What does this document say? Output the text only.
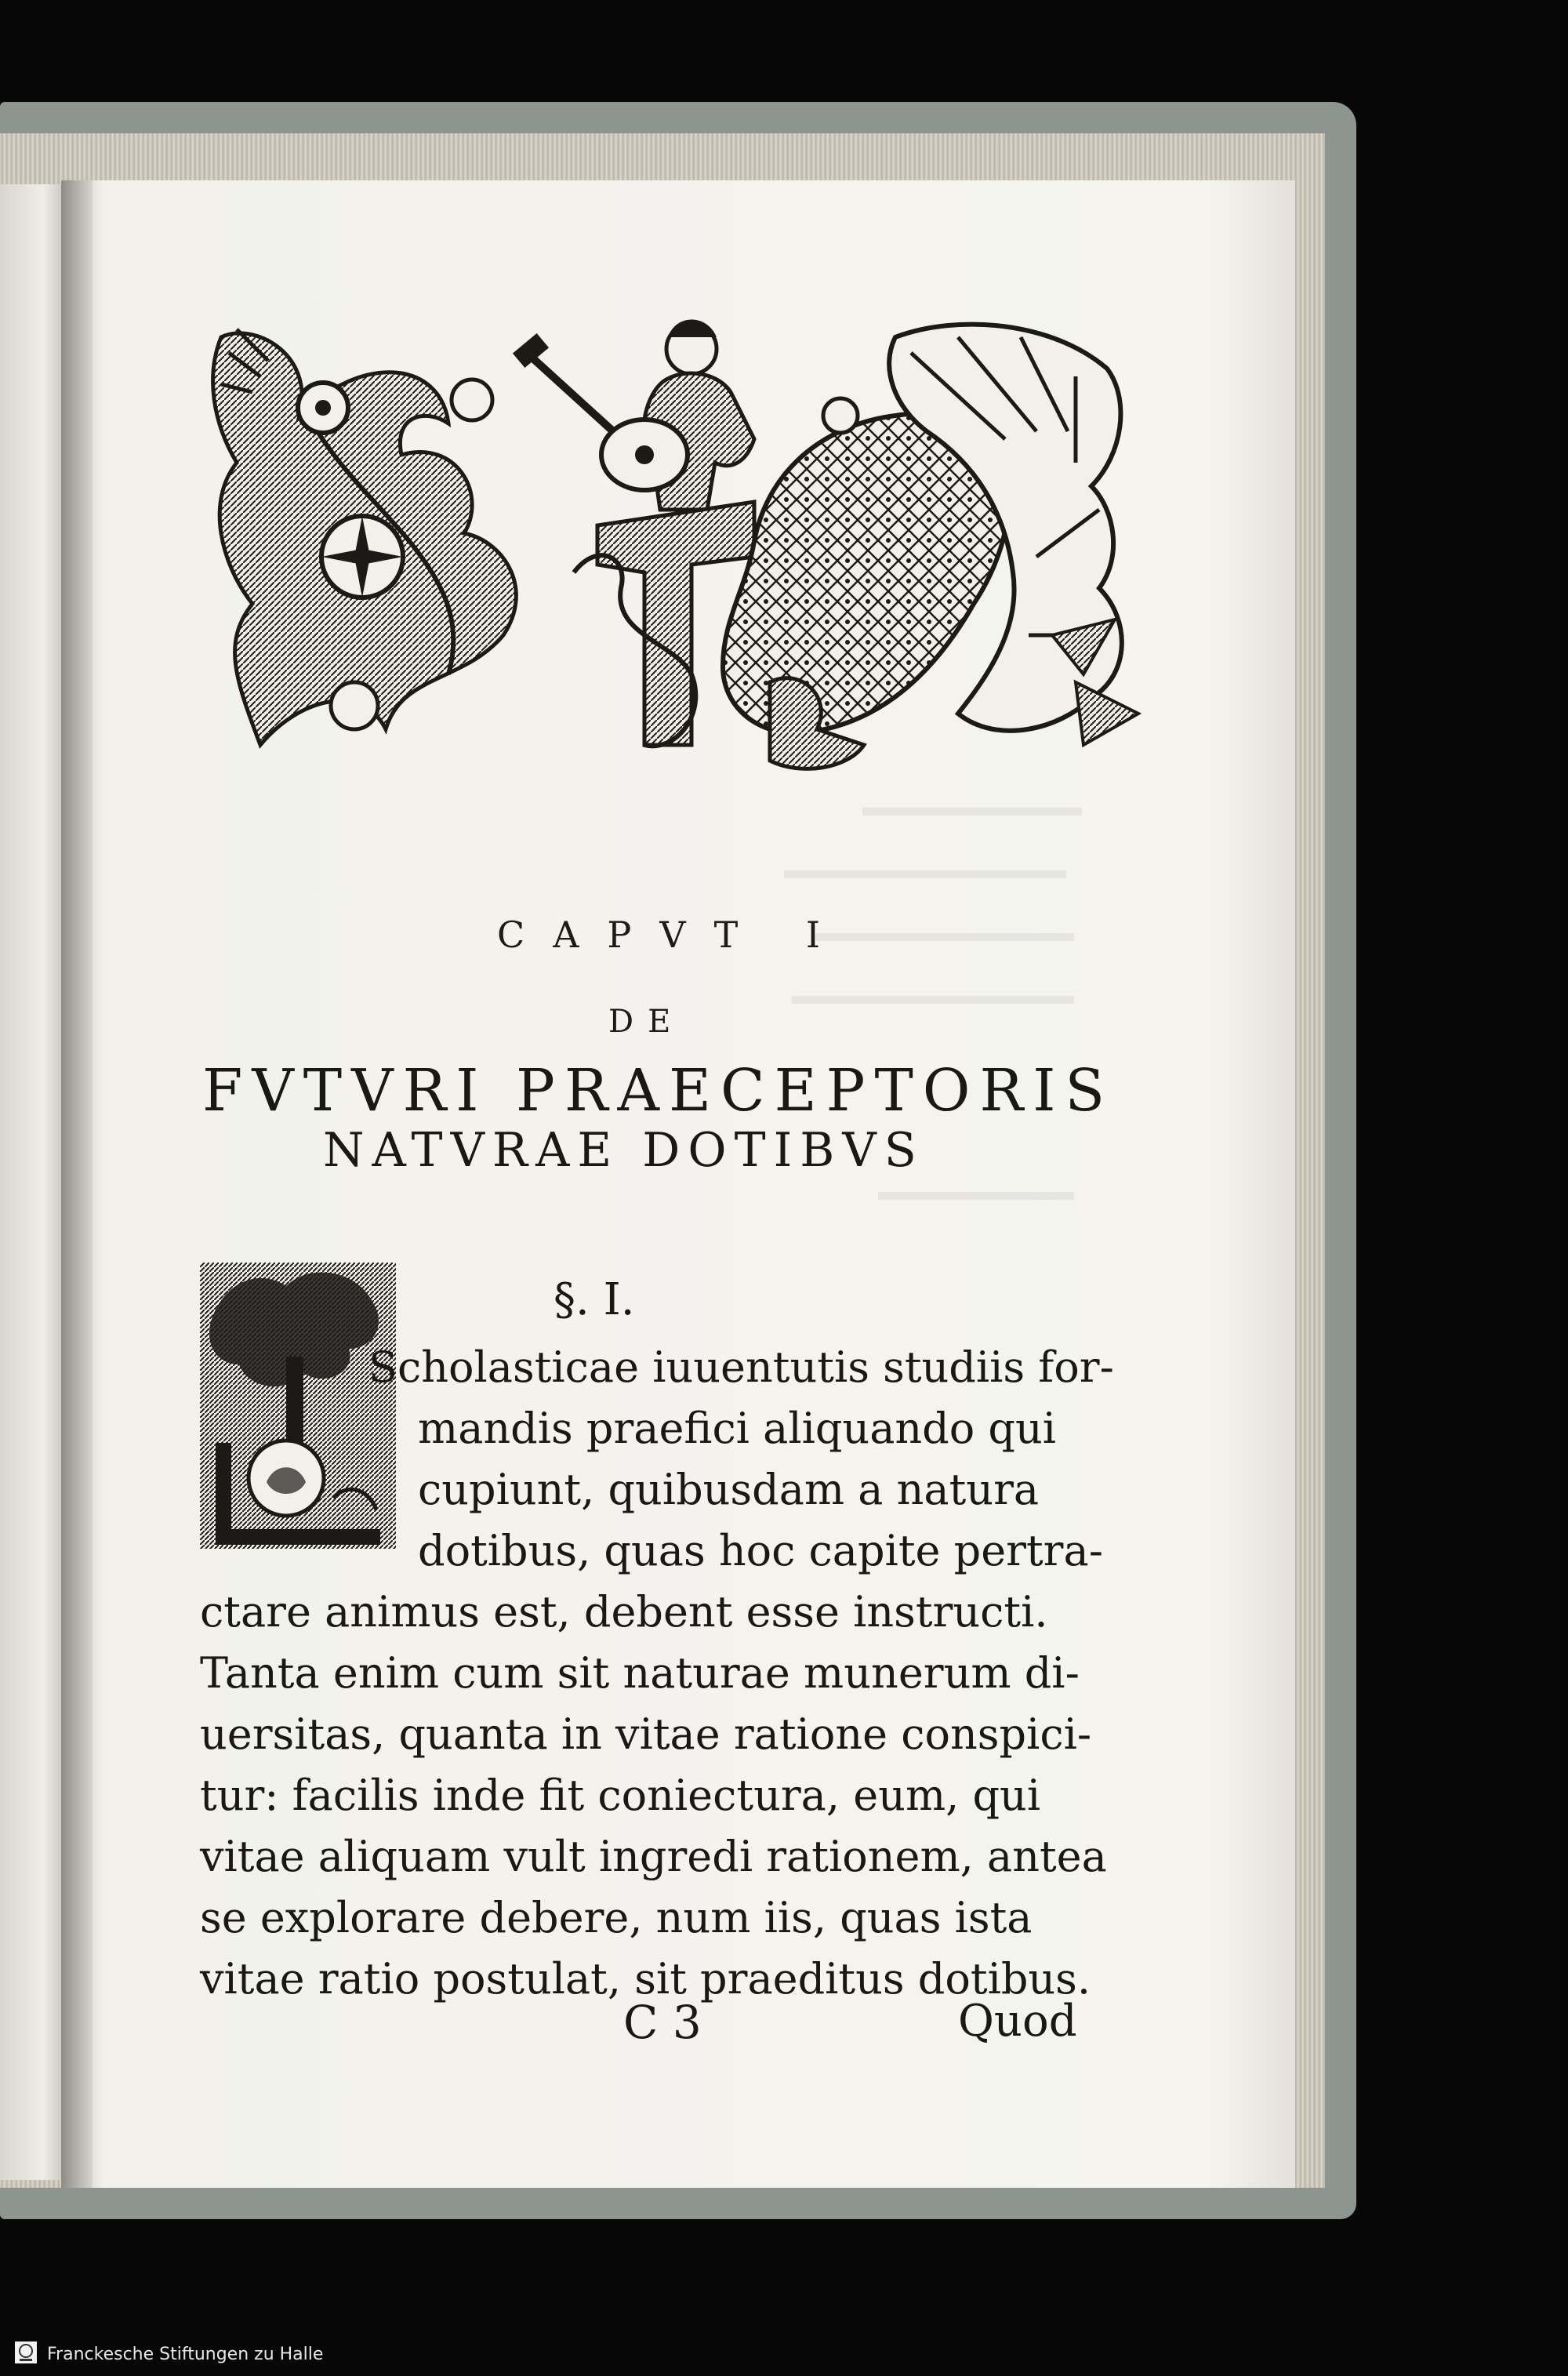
CAPVT I
DE
FVTVRI PRAECEPTORIS
NATVRAE DOTIBVS
§. I.
Scholasticae iuuentutis studiis for-
mandis praefici aliquando qui
cupiunt, quibusdam a natura
dotibus, quas hoc capite pertra-
ctare animus est, debent esse instructi.
Tanta enim cum sit naturae munerum di-
uersitas, quanta in vitae ratione conspici-
tur: facilis inde fit coniectura, eum, qui
vitae aliquam vult ingredi rationem, antea
se explorare debere, num iis, quas ista
vitae ratio postulat, sit praeditus dotibus.
C 3	Quod
Franckesche Stiftungen zu Halle
